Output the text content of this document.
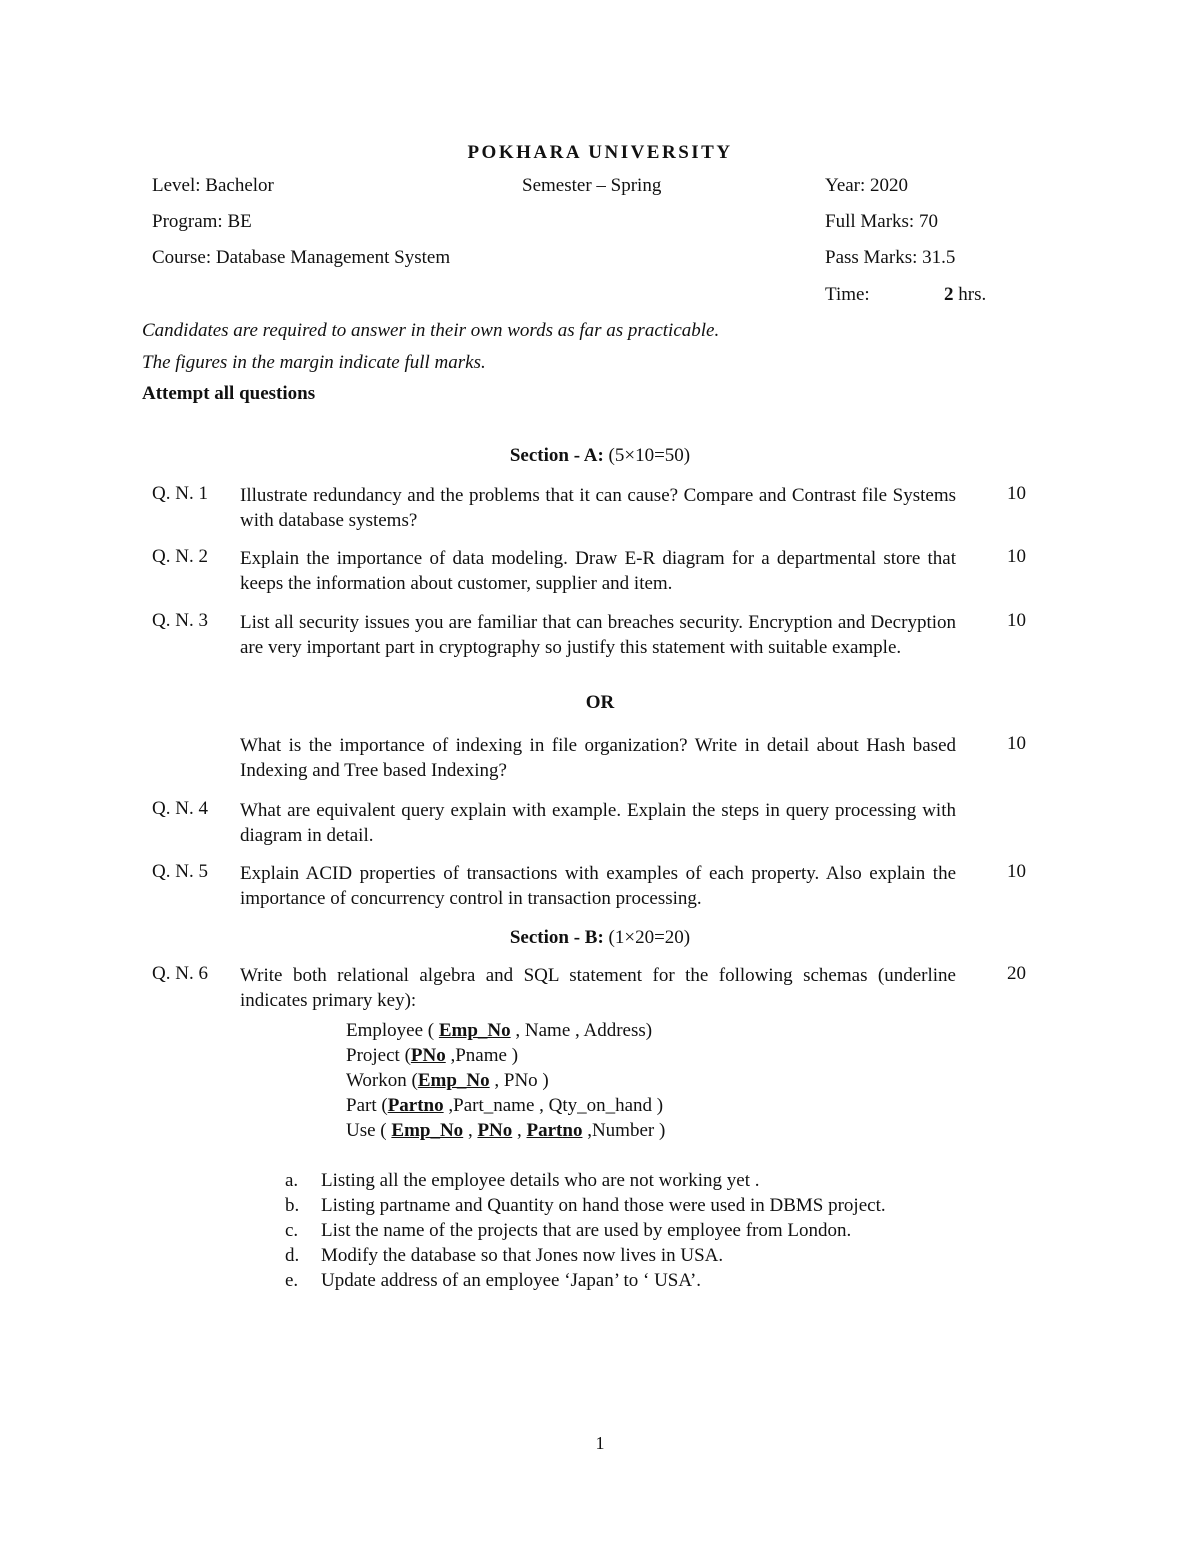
POKHARA UNIVERSITY
Level: Bachelor	Semester – Spring	Year: 2020
Program: BE	Full Marks: 70
Course: Database Management System	Pass Marks: 31.5
Time:	2 hrs.
Candidates are required to answer in their own words as far as practicable.
The figures in the margin indicate full marks.
Attempt all questions
Section - A: (5×10=50)
Q. N. 1 Illustrate redundancy and the problems that it can cause? Compare and Contrast file Systems with database systems?
10
Q. N. 2 Explain the importance of data modeling. Draw E-R diagram for a departmental store that keeps the information about customer, supplier and item.
10
Q. N. 3 List all security issues you are familiar that can breaches security. Encryption and Decryption are very important part in cryptography so justify this statement with suitable example.
10
OR
What is the importance of indexing in file organization? Write in detail about Hash based Indexing and Tree based Indexing?
10
Q. N. 4 What are equivalent query explain with example. Explain the steps in query processing with diagram in detail.
Q. N. 5 Explain ACID properties of transactions with examples of each property. Also explain the importance of concurrency control in transaction processing.
10
Section - B: (1×20=20)
Q. N. 6 Write both relational algebra and SQL statement for the following schemas (underline indicates primary key):
20
Employee ( Emp_No , Name , Address)
Project (PNo ,Pname )
Workon (Emp_No , PNo )
Part (Partno ,Part_name , Qty_on_hand )
Use ( Emp_No , PNo , Partno ,Number )
a. Listing all the employee details who are not working yet .
b. Listing partname and Quantity on hand those were used in DBMS project.
c. List the name of the projects that are used by employee from London.
d. Modify the database so that Jones now lives in USA.
e. Update address of an employee ‘Japan’ to ‘ USA’.
1
